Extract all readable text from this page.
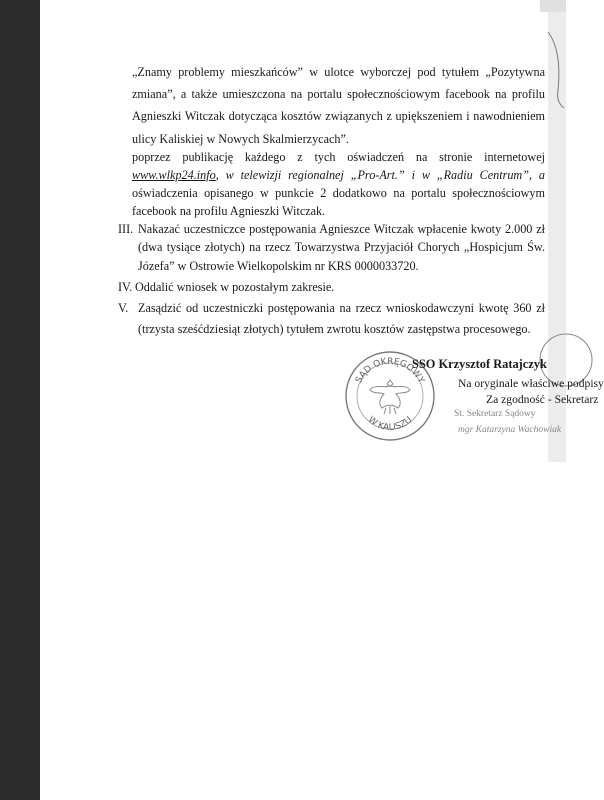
„Znamy problemy mieszkańców” w ulotce wyborczej pod tytułem „Pozytywna
zmiana”, a także umieszczona na portalu społecznościowym facebook na profilu
Agnieszki Witczak dotycząca kosztów związanych z upiększeniem i nawodnieniem
ulicy Kaliskiej w Nowych Skalmierzycach”.
poprzez publikację każdego z tych oświadczeń na stronie internetowej
www.wlkp24.info, w telewizji regionalnej „Pro-Art.” i w „Radiu Centrum”, a
oświadczenia opisanego w punkcie 2 dodatkowo na portalu społecznościowym
facebook na profilu Agnieszki Witczak.
III. Nakazać uczestniczce postępowania Agnieszce Witczak wpłacenie kwoty 2.000 zł
(dwa tysiące złotych) na rzecz Towarzystwa Przyjaciół Chorych „Hospicjum Św.
Józefa” w Ostrowie Wielkopolskim nr KRS 0000033720.
IV. Oddalić wniosek w pozostałym zakresie.
V. Zasądzić od uczestniczki postępowania na rzecz wnioskodawczyni kwotę 360 zł
(trzysta sześćdziesiąt złotych) tytułem zwrotu kosztów zastępstwa procesowego.
SĄD OKRĘGOWY
W KALISZU
SSO Krzysztof Ratajczyk
Na oryginale właściwe podpisy
Za zgodność - Sekretarz
St. Sekretarz Sądowy
mgr Katarzyna Wachowiak
